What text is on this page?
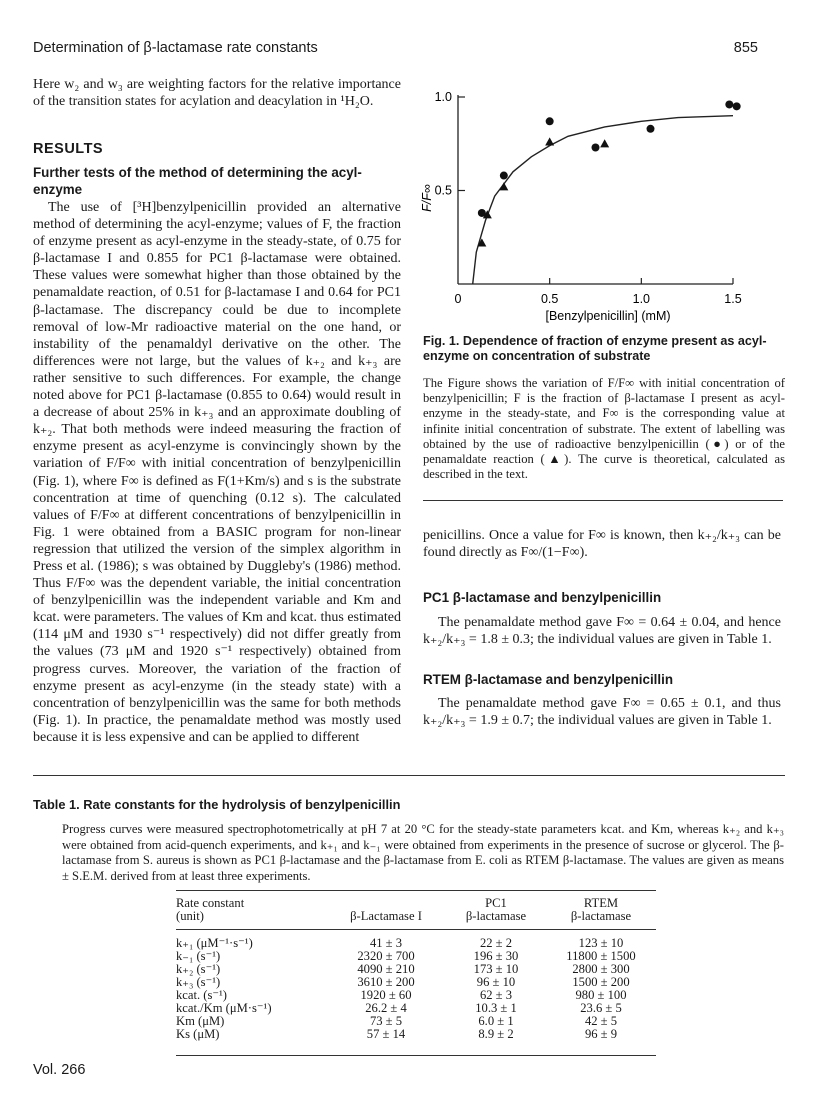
Determination of β-lactamase rate constants	855

Here w₂ and w₃ are weighting factors for the relative importance of the transition states for acylation and deacylation in ¹H₂O.

RESULTS
Further tests of the method of determining the acyl-enzyme

The use of [³H]benzylpenicillin provided an alternative method of determining the acyl-enzyme; values of F, the fraction of enzyme present as acyl-enzyme in the steady-state, of 0.75 for β-lactamase I and 0.855 for PC1 β-lactamase were obtained. These values were somewhat higher than those obtained by the penamaldate reaction, of 0.51 for β-lactamase I and 0.64 for PC1 β-lactamase. The discrepancy could be due to incomplete removal of low-Mr radioactive material on the one hand, or instability of the penamaldyl derivative on the other. The differences were not large, but the values of k₊₂ and k₊₃ are rather sensitive to such differences. For example, the change noted above for PC1 β-lactamase (0.855 to 0.64) would result in a decrease of about 25% in k₊₃ and an approximate doubling of k₊₂. That both methods were indeed measuring the fraction of enzyme present as acyl-enzyme is convincingly shown by the variation of F/F∞ with initial concentration of benzylpenicillin (Fig. 1), where F∞ is defined as F(1+Km/s) and s is the substrate concentration at time of quenching (0.12 s). The calculated values of F/F∞ at different concentrations of benzylpenicillin in Fig. 1 were obtained from a BASIC program for non-linear regression that utilized the version of the simplex algorithm in Press et al. (1986); s was obtained by Duggleby's (1986) method. Thus F/F∞ was the dependent variable, the initial concentration of benzylpenicillin was the independent variable and Km and kcat. were parameters. The values of Km and kcat. thus estimated (114 μM and 1930 s⁻¹ respectively) did not differ greatly from the values (73 μM and 1920 s⁻¹ respectively) obtained from progress curves. Moreover, the variation of the fraction of enzyme present as acyl-enzyme (in the steady state) with a concentration of benzylpenicillin was the same for both methods (Fig. 1). In practice, the penamaldate method was mostly used because it is less expensive and can be applied to different

0	0.5	1.0	1.5
0.5
1.0
[Benzylpenicillin] (mM)
F/F∞
Fig. 1. Dependence of fraction of enzyme present as acyl-enzyme on concentration of substrate
The Figure shows the variation of F/F∞ with initial concentration of benzylpenicillin; F is the fraction of β-lactamase I present as acyl-enzyme in the steady-state, and F∞ is the corresponding value at infinite initial concentration of substrate. The extent of labelling was obtained by the use of radioactive benzylpenicillin (●) or of the penamaldate reaction (▲). The curve is theoretical, calculated as described in the text.

penicillins. Once a value for F∞ is known, then k₊₂/k₊₃ can be found directly as F∞/(1−F∞).

PC1 β-lactamase and benzylpenicillin

The penamaldate method gave F∞ = 0.64 ± 0.04, and hence k₊₂/k₊₃ = 1.8 ± 0.3; the individual values are given in Table 1.

RTEM β-lactamase and benzylpenicillin

The penamaldate method gave F∞ = 0.65 ± 0.1, and thus k₊₂/k₊₃ = 1.9 ± 0.7; the individual values are given in Table 1.

Table 1. Rate constants for the hydrolysis of benzylpenicillin
Progress curves were measured spectrophotometrically at pH 7 at 20 °C for the steady-state parameters kcat. and Km, whereas k₊₂ and k₊₃ were obtained from acid-quench experiments, and k₊₁ and k₋₁ were obtained from experiments in the presence of sucrose or glycerol. The β-lactamase from S. aureus is shown as PC1 β-lactamase and the β-lactamase from E. coli as RTEM β-lactamase. The values are given as means ± S.E.M. derived from at least three experiments.
Rate constant		PC1	RTEM
(unit)	β-Lactamase I	β-lactamase	β-lactamase

k₊₁ (μM⁻¹·s⁻¹)	41 ± 3	22 ± 2	123 ± 10
k₋₁ (s⁻¹)	2320 ± 700	196 ± 30	11800 ± 1500
k₊₂ (s⁻¹)	4090 ± 210	173 ± 10	2800 ± 300
k₊₃ (s⁻¹)	3610 ± 200	96 ± 10	1500 ± 200
kcat. (s⁻¹)	1920 ± 60	62 ± 3	980 ± 100
kcat./Km (μM·s⁻¹)	26.2 ± 4	10.3 ± 1	23.6 ± 5
Km (μM)	73 ± 5	6.0 ± 1	42 ± 5
Ks (μM)	57 ± 14	8.9 ± 2	96 ± 9
Vol. 266
